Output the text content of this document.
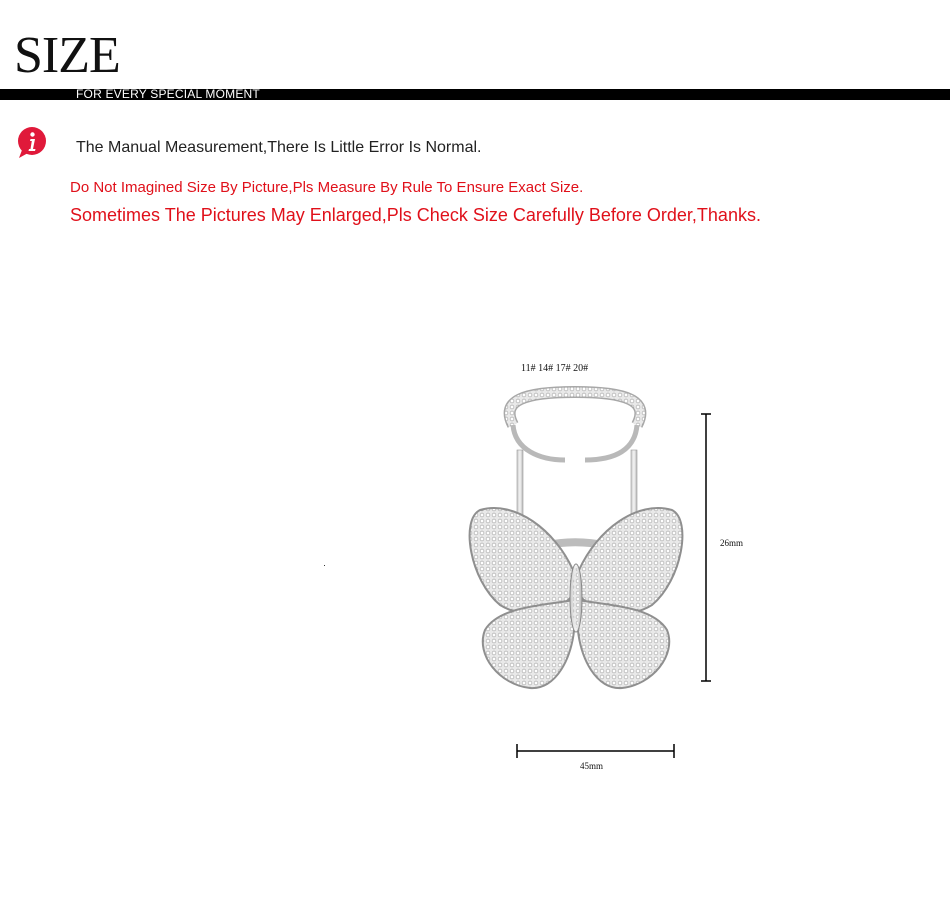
SIZE
FOR EVERY SPECIAL MOMENT
The Manual Measurement,There Is Little Error Is Normal.
Do Not Imagined Size By Picture,Pls Measure By Rule To Ensure Exact Size.
Sometimes The Pictures May Enlarged,Pls Check Size Carefully Before Order,Thanks.
11# 14# 17# 20#
26mm
45mm
